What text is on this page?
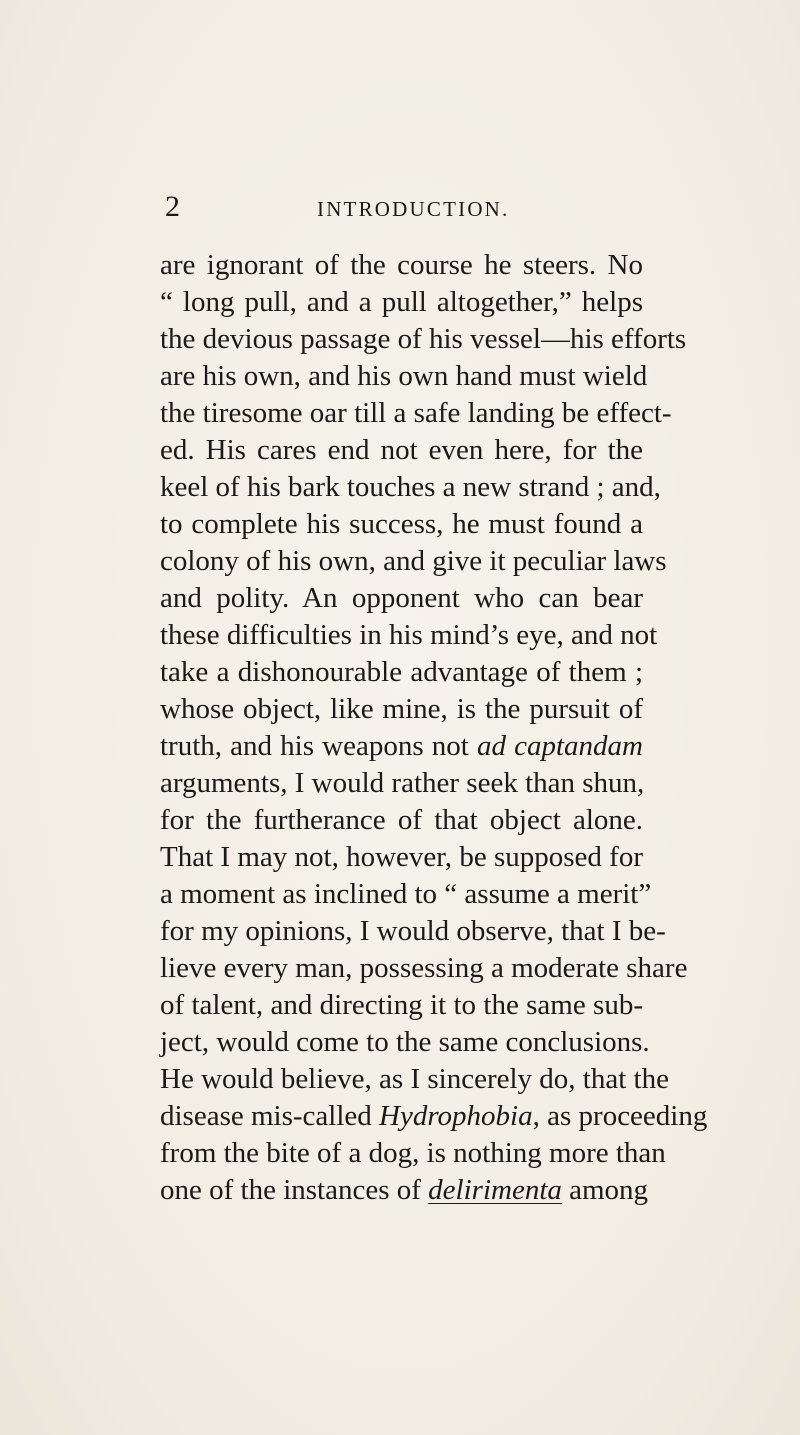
2	INTRODUCTION.
are ignorant of the course he steers. No
“ long pull, and a pull altogether,” helps
the devious passage of his vessel—his efforts
are his own, and his own hand must wield
the tiresome oar till a safe landing be effect-
ed. His cares end not even here, for the
keel of his bark touches a new strand ; and,
to complete his success, he must found a
colony of his own, and give it peculiar laws
and polity. An opponent who can bear
these difficulties in his mind’s eye, and not
take a dishonourable advantage of them ;
whose object, like mine, is the pursuit of
truth, and his weapons not ad captandam
arguments, I would rather seek than shun,
for the furtherance of that object alone.
That I may not, however, be supposed for
a moment as inclined to “ assume a merit”
for my opinions, I would observe, that I be-
lieve every man, possessing a moderate share
of talent, and directing it to the same sub-
ject, would come to the same conclusions.
He would believe, as I sincerely do, that the
disease mis-called Hydrophobia, as proceeding
from the bite of a dog, is nothing more than
one of the instances of delirimenta among
